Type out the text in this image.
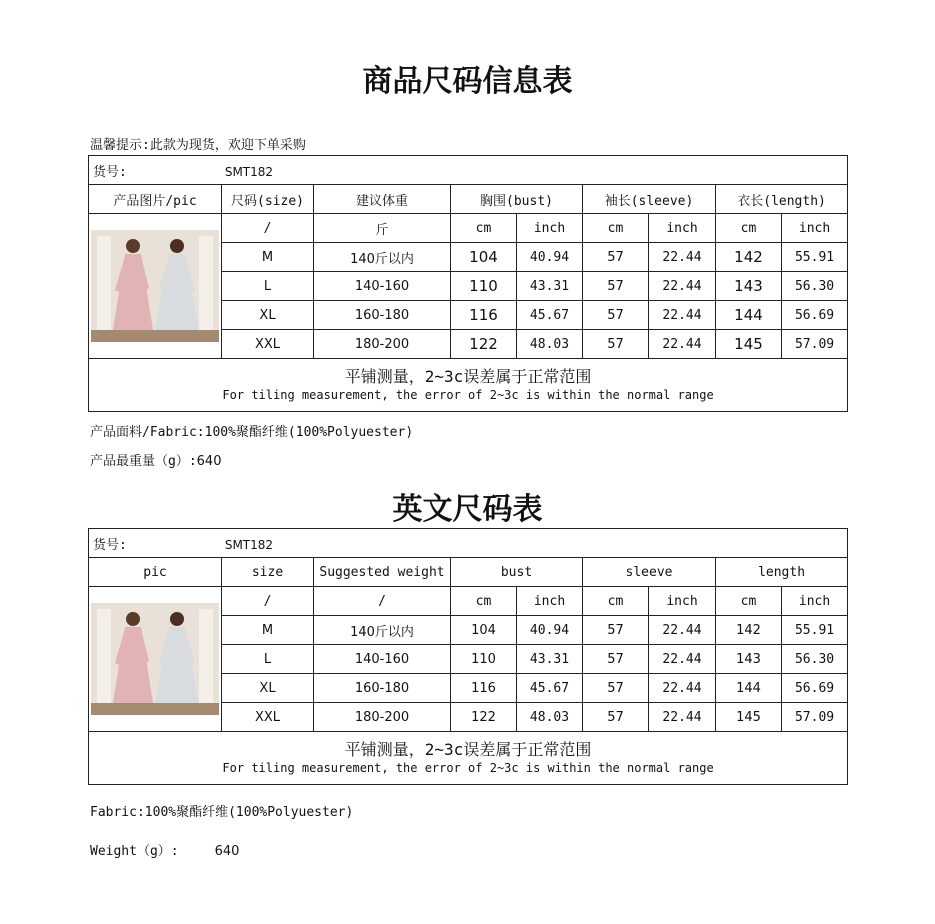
商品尺码信息表
温馨提示:此款为现货，欢迎下单采购
货号: SMT182								
产品图片/pic	尺码(size)	建议体重	胸围(bust)		袖长(sleeve)		衣长(length)	

	/	斤	cm	inch	cm	inch	cm	inch
	M	140斤以内	104	40.94	57	22.44	142	55.91
	L	140-160	110	43.31	57	22.44	143	56.30
	XL	160-180	116	45.67	57	22.44	144	56.69
	XXL	180-200	122	48.03	57	22.44	145	57.09

平铺测量，2~3c误差属于正常范围
For tiling measurement, the error of 2~3c is within the normal range								
产品面料/Fabric:100%聚酯纤维(100%Polyuester)
产品最重量（g）:640
英文尺码表
货号: SMT182								
pic	size	Suggested weight	bust		sleeve		length	

	/	/	cm	inch	cm	inch	cm	inch
	M	140斤以内	104	40.94	57	22.44	142	55.91
	L	140-160	110	43.31	57	22.44	143	56.30
	XL	160-180	116	45.67	57	22.44	144	56.69
	XXL	180-200	122	48.03	57	22.44	145	57.09

平铺测量，2~3c误差属于正常范围
For tiling measurement, the error of 2~3c is within the normal range								
Fabric:100%聚酯纤维(100%Polyuester)
Weight（g）:	640
